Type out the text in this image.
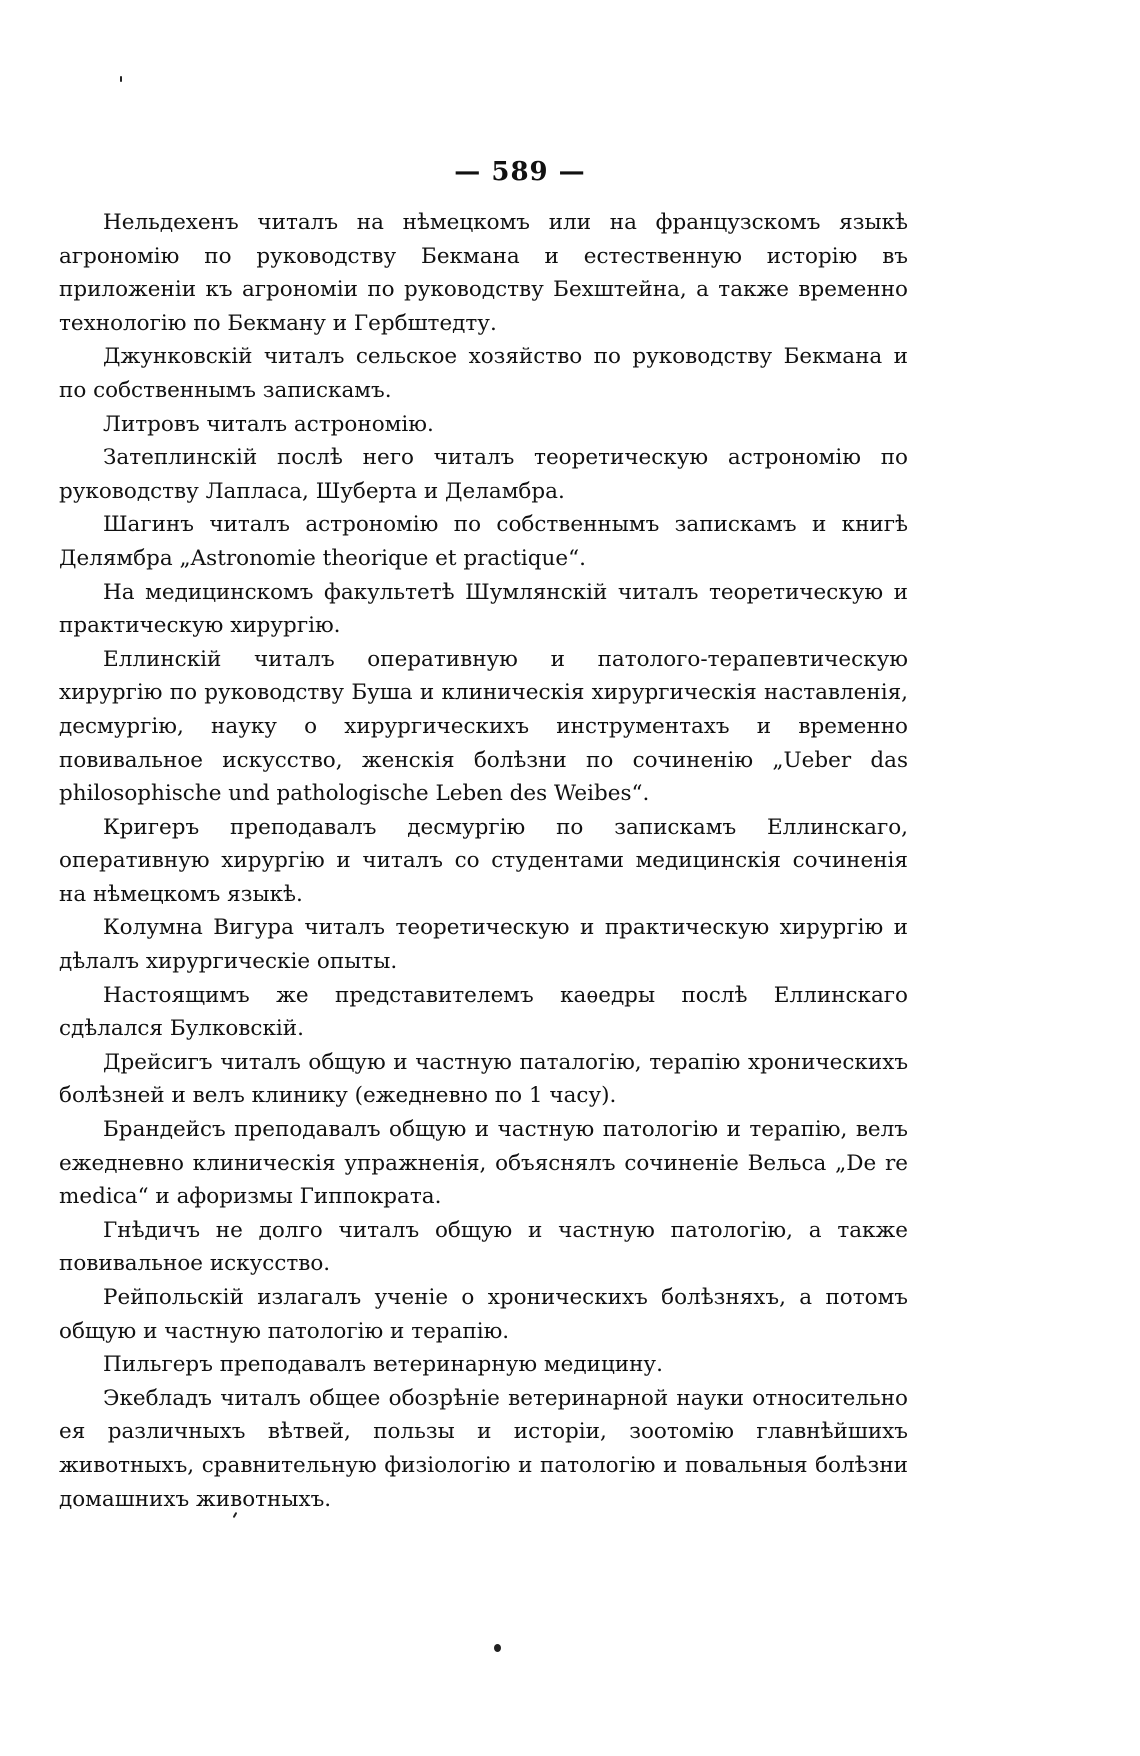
— 589 —

Нельдехенъ читалъ на нѣмецкомъ или на французскомъ языкѣ агрономію по руководству Бекмана и естественную исторію въ приложеніи къ агрономіи по руководству Бехштейна, а также временно технологію по Бекману и Гербштедту.

Джунковскій читалъ сельское хозяйство по руководству Бекмана и по собственнымъ запискамъ.

Литровъ читалъ астрономію.

Затеплинскій послѣ него читалъ теоретическую астрономію по руководству Лапласа, Шуберта и Деламбра.

Шагинъ читалъ астрономію по собственнымъ запискамъ и книгѣ Делямбра „Astronomie theorique et practique“.

На медицинскомъ факультетѣ Шумлянскій читалъ теоретическую и практическую хирургію.

Еллинскій читалъ оперативную и патолого-терапевтическую хирургію по руководству Буша и клиническія хирургическія наставленія, десмургію, науку о хирургическихъ инструментахъ и временно повивальное искусство, женскія болѣзни по сочиненію „Ueber das philosophische und pathologische Leben des Weibes“.

Кригеръ преподавалъ десмургію по запискамъ Еллинскаго, оперативную хирургію и читалъ со студентами медицинскія сочиненія на нѣмецкомъ языкѣ.

Колумна Вигура читалъ теоретическую и практическую хирургію и дѣлалъ хирургическіе опыты.

Настоящимъ же представителемъ каѳедры послѣ Еллинскаго сдѣлался Булковскій.

Дрейсигъ читалъ общую и частную паталогію, терапію хроническихъ болѣзней и велъ клинику (ежедневно по 1 часу).

Брандейсъ преподавалъ общую и частную патологію и терапію, велъ ежедневно клиническія упражненія, объяснялъ сочиненіе Вельса „De re medica“ и афоризмы Гиппократа.

Гнѣдичъ не долго читалъ общую и частную патологію, а также повивальное искусство.

Рейпольскій излагалъ ученіе о хроническихъ болѣзняхъ, а потомъ общую и частную патологію и терапію.

Пильгеръ преподавалъ ветеринарную медицину.

Экебладъ читалъ общее обозрѣніе ветеринарной науки относительно ея различныхъ вѣтвей, пользы и исторіи, зоотомію главнѣйшихъ животныхъ, сравнительную физіологію и патологію и повальныя болѣзни домашнихъ животныхъ.
